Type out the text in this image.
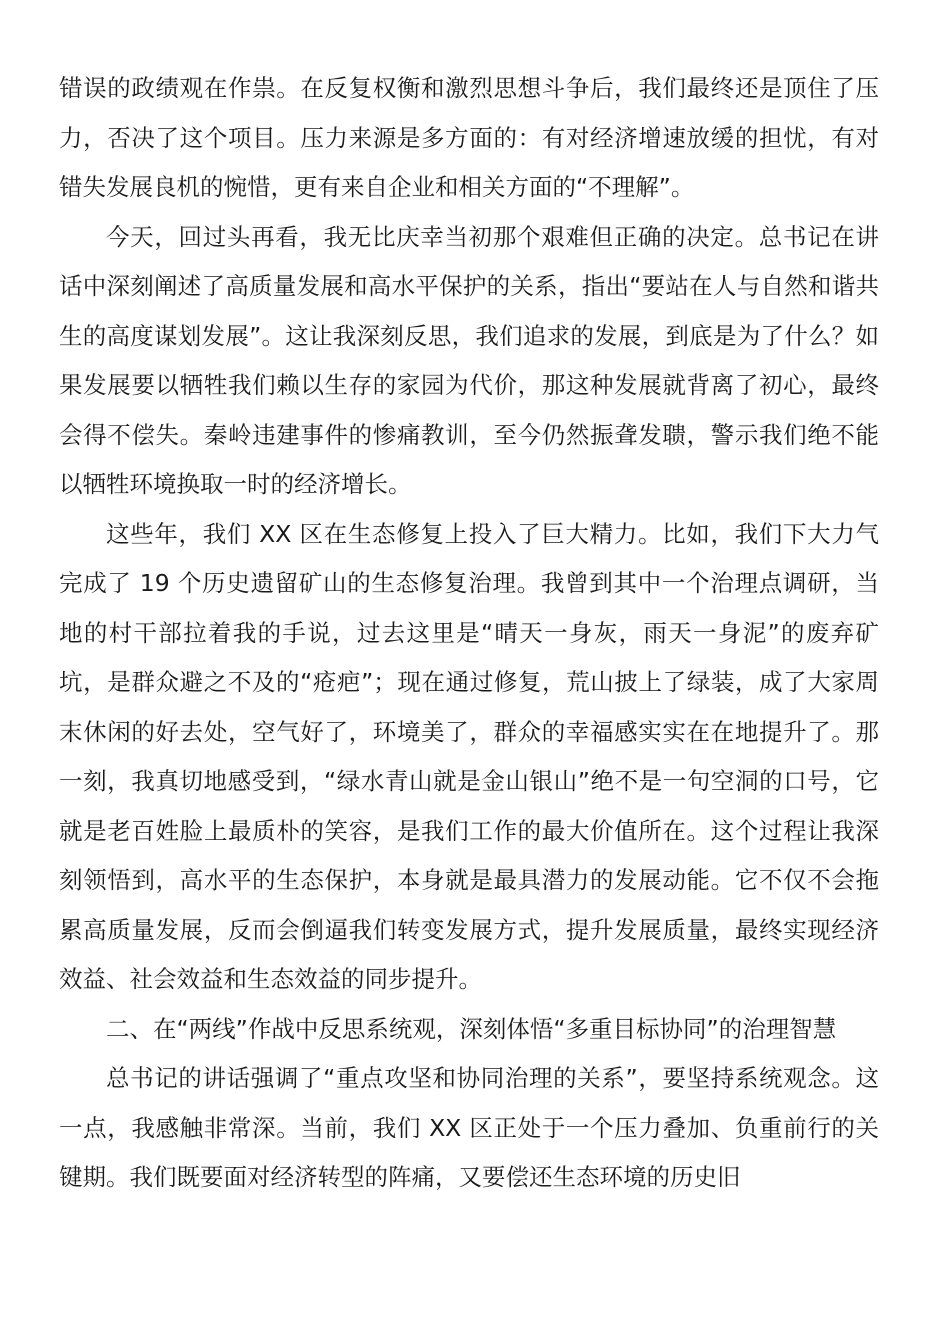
错误的政绩观在作祟。在反复权衡和激烈思想斗争后，我们最终还是顶住了压力，否决了这个项目。压力来源是多方面的：有对经济增速放缓的担忧，有对错失发展良机的惋惜，更有来自企业和相关方面的“不理解”。

今天，回过头再看，我无比庆幸当初那个艰难但正确的决定。总书记在讲话中深刻阐述了高质量发展和高水平保护的关系，指出“要站在人与自然和谐共生的高度谋划发展”。这让我深刻反思，我们追求的发展，到底是为了什么？如果发展要以牺牲我们赖以生存的家园为代价，那这种发展就背离了初心，最终会得不偿失。秦岭违建事件的惨痛教训，至今仍然振聋发聩，警示我们绝不能以牺牲环境换取一时的经济增长。

这些年，我们 XX 区在生态修复上投入了巨大精力。比如，我们下大力气完成了 19 个历史遗留矿山的生态修复治理。我曾到其中一个治理点调研，当地的村干部拉着我的手说，过去这里是“晴天一身灰，雨天一身泥”的废弃矿坑，是群众避之不及的“疮疤”；现在通过修复，荒山披上了绿装，成了大家周末休闲的好去处，空气好了，环境美了，群众的幸福感实实在在地提升了。那一刻，我真切地感受到，“绿水青山就是金山银山”绝不是一句空洞的口号，它就是老百姓脸上最质朴的笑容，是我们工作的最大价值所在。这个过程让我深刻领悟到，高水平的生态保护，本身就是最具潜力的发展动能。它不仅不会拖累高质量发展，反而会倒逼我们转变发展方式，提升发展质量，最终实现经济效益、社会效益和生态效益的同步提升。

二、在“两线”作战中反思系统观，深刻体悟“多重目标协同”的治理智慧

总书记的讲话强调了“重点攻坚和协同治理的关系”，要坚持系统观念。这一点，我感触非常深。当前，我们 XX 区正处于一个压力叠加、负重前行的关键期。我们既要面对经济转型的阵痛，又要偿还生态环境的历史旧
